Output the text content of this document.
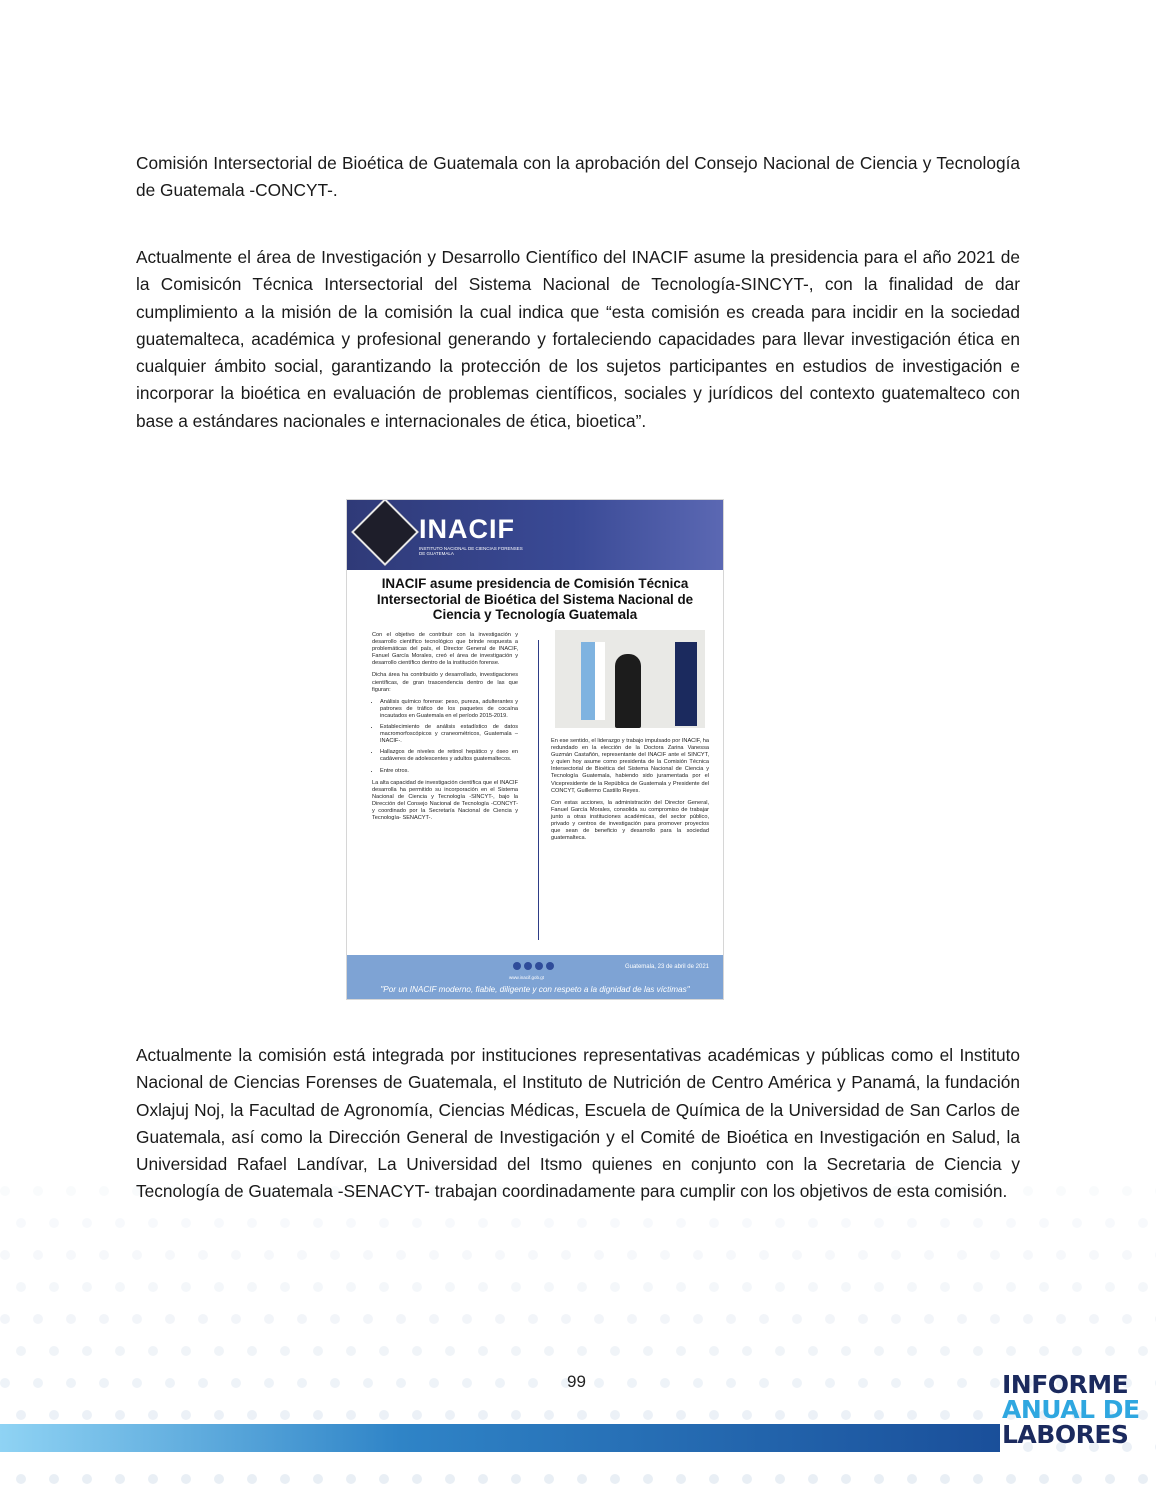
Comisión Intersectorial de Bioética de Guatemala con la aprobación del Consejo Nacional de Ciencia y Tecnología de Guatemala -CONCYT-.

Actualmente el área de Investigación y Desarrollo Científico del INACIF asume la presidencia para el año 2021 de la Comisicón Técnica Intersectorial del Sistema Nacional de Tecnología-SINCYT-, con la finalidad de dar cumplimiento a la misión de la comisión la cual indica que “esta comisión es creada para incidir en la sociedad guatemalteca, académica y profesional generando y fortaleciendo capacidades para llevar investigación ética en cualquier ámbito social, garantizando la protección de los sujetos participantes en estudios de investigación e incorporar la bioética en evaluación de problemas científicos, sociales y jurídicos del contexto guatemalteco con base a estándares nacionales e internacionales de ética, bioetica”.

INACIF
INSTITUTO NACIONAL DE CIENCIAS FORENSES DE GUATEMALA
INACIF asume presidencia de Comisión Técnica Intersectorial de Bioética del Sistema Nacional de Ciencia y Tecnología Guatemala

Con el objetivo de contribuir con la investigación y desarrollo científico tecnológico que brinde respuesta a problemáticas del país, el Director General de INACIF, Fanuel García Morales, creó el área de investigación y desarrollo científico dentro de la institución forense.

Dicha área ha contribuido y desarrollado, investigaciones científicas, de gran trascendencia dentro de las que figuran:

• Análisis químico forense: peso, pureza, adulterantes y patrones de tráfico de los paquetes de cocaína incautados en Guatemala en el período 2015-2019.
• Establecimiento de análisis estadístico de datos macromorfoscópicos y craneométricos, Guatemala –INACIF-.
• Hallazgos de niveles de retinol hepático y óseo en cadáveres de adolescentes y adultos guatemaltecos.
• Entre otros.

La alta capacidad de investigación científica que el INACIF desarrolla ha permitido su incorporación en el Sistema Nacional de Ciencia y Tecnología -SINCYT-, bajo la Dirección del Consejo Nacional de Tecnología -CONCYT- y coordinado por la Secretaría Nacional de Ciencia y Tecnología- SENACYT-.

En ese sentido, el liderazgo y trabajo impulsado por INACIF, ha redundado en la elección de la Doctora Zarina Vanessa Guzmán Castañón, representante del INACIF ante el SINCYT, y quien hoy asume como presidenta de la Comisión Técnica Intersectorial de Bioética del Sistema Nacional de Ciencia y Tecnología Guatemala, habiendo sido juramentada por el Vicepresidente de la República de Guatemala y Presidente del CONCYT, Guillermo Castillo Reyes.

Con estas acciones, la administración del Director General, Fanuel García Morales, consolida su compromiso de trabajar junto a otras instituciones académicas, del sector público, privado y centros de investigación para promover proyectos que sean de beneficio y desarrollo para la sociedad guatemalteca.

www.inacif.gob.gt
Guatemala, 23 de abril de 2021
"Por un INACIF moderno, fiable, diligente y con respeto a la dignidad de las víctimas"

Actualmente la comisión está integrada por instituciones representativas académicas y públicas como el Instituto Nacional de Ciencias Forenses de Guatemala, el Instituto de Nutrición de Centro América y Panamá, la fundación Oxlajuj Noj, la Facultad de Agronomía, Ciencias Médicas, Escuela de Química de la Universidad de San Carlos de Guatemala, así como la Dirección General de Investigación y el Comité de Bioética en Investigación en Salud, la Universidad Rafael Landívar, La Universidad del Itsmo quienes en conjunto con la Secretaria de Ciencia y Tecnología de Guatemala -SENACYT- trabajan coordinadamente para cumplir con los objetivos de esta comisión.

99	INFORME
ANUAL DE
LABORES
